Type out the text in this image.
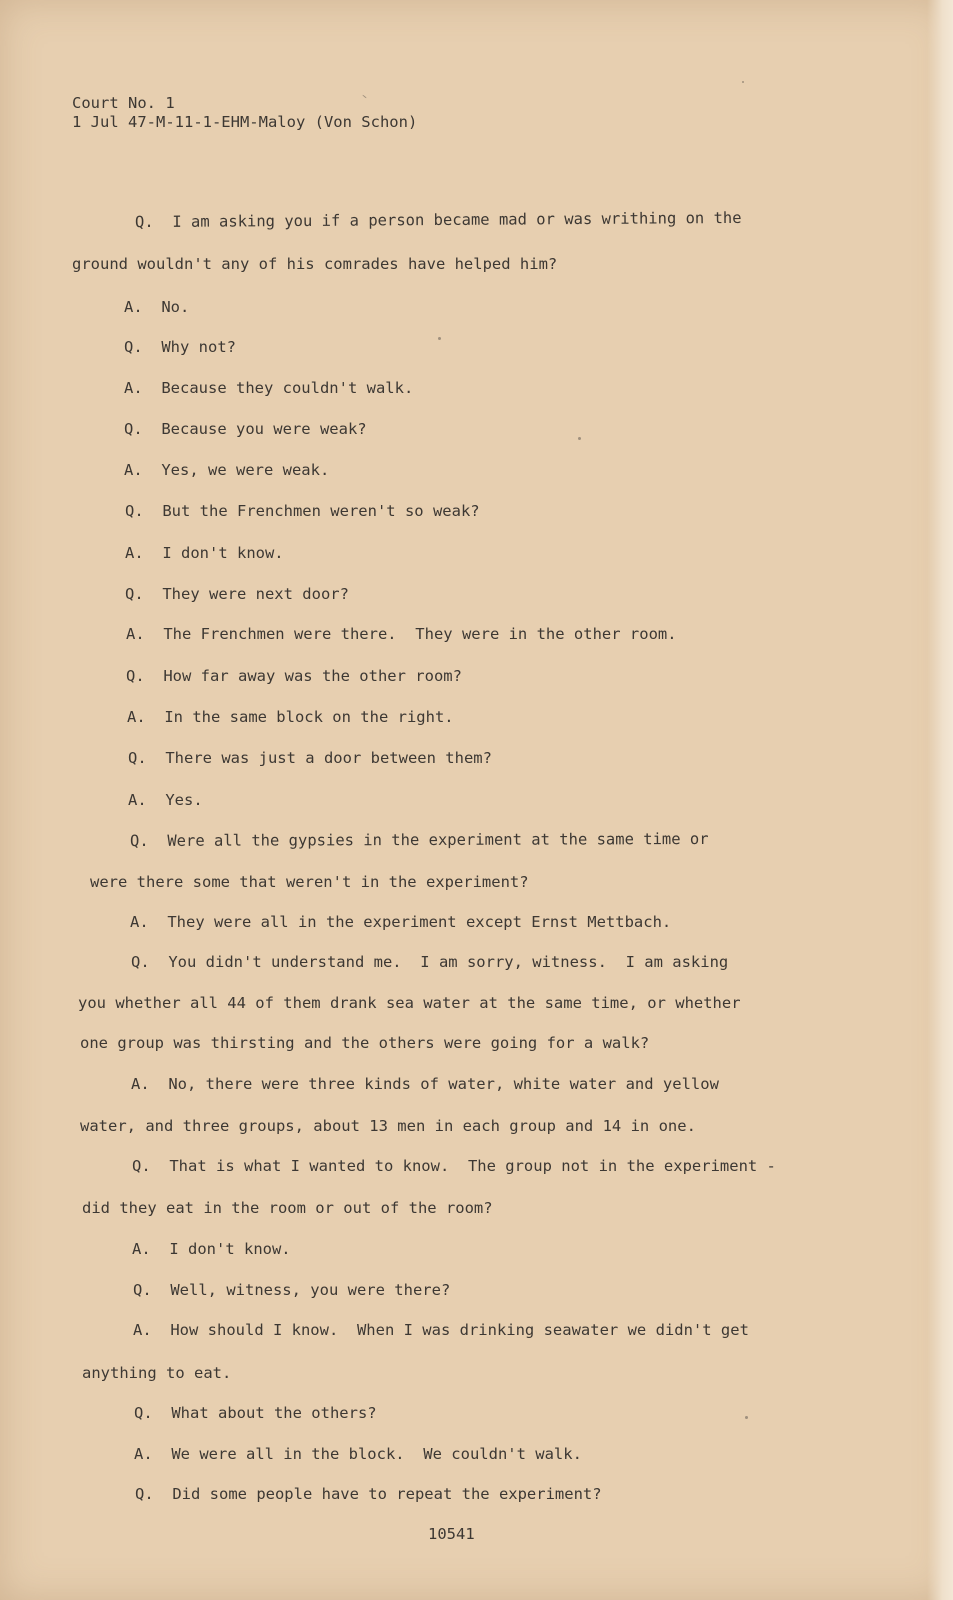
Court No. 1
1 Jul 47-M-11-1-EHM-Maloy (Von Schon)
Q.  I am asking you if a person became mad or was writhing on the
ground wouldn't any of his comrades have helped him?
A.  No.
Q.  Why not?
A.  Because they couldn't walk.
Q.  Because you were weak?
A.  Yes, we were weak.
Q.  But the Frenchmen weren't so weak?
A.  I don't know.
Q.  They were next door?
A.  The Frenchmen were there.  They were in the other room.
Q.  How far away was the other room?
A.  In the same block on the right.
Q.  There was just a door between them?
A.  Yes.
Q.  Were all the gypsies in the experiment at the same time or
were there some that weren't in the experiment?
A.  They were all in the experiment except Ernst Mettbach.
Q.  You didn't understand me.  I am sorry, witness.  I am asking
you whether all 44 of them drank sea water at the same time, or whether
one group was thirsting and the others were going for a walk?
A.  No, there were three kinds of water, white water and yellow
water, and three groups, about 13 men in each group and 14 in one.
Q.  That is what I wanted to know.  The group not in the experiment -
did they eat in the room or out of the room?
A.  I don't know.
Q.  Well, witness, you were there?
A.  How should I know.  When I was drinking seawater we didn't get
anything to eat.
Q.  What about the others?
A.  We were all in the block.  We couldn't walk.
Q.  Did some people have to repeat the experiment?
10541
